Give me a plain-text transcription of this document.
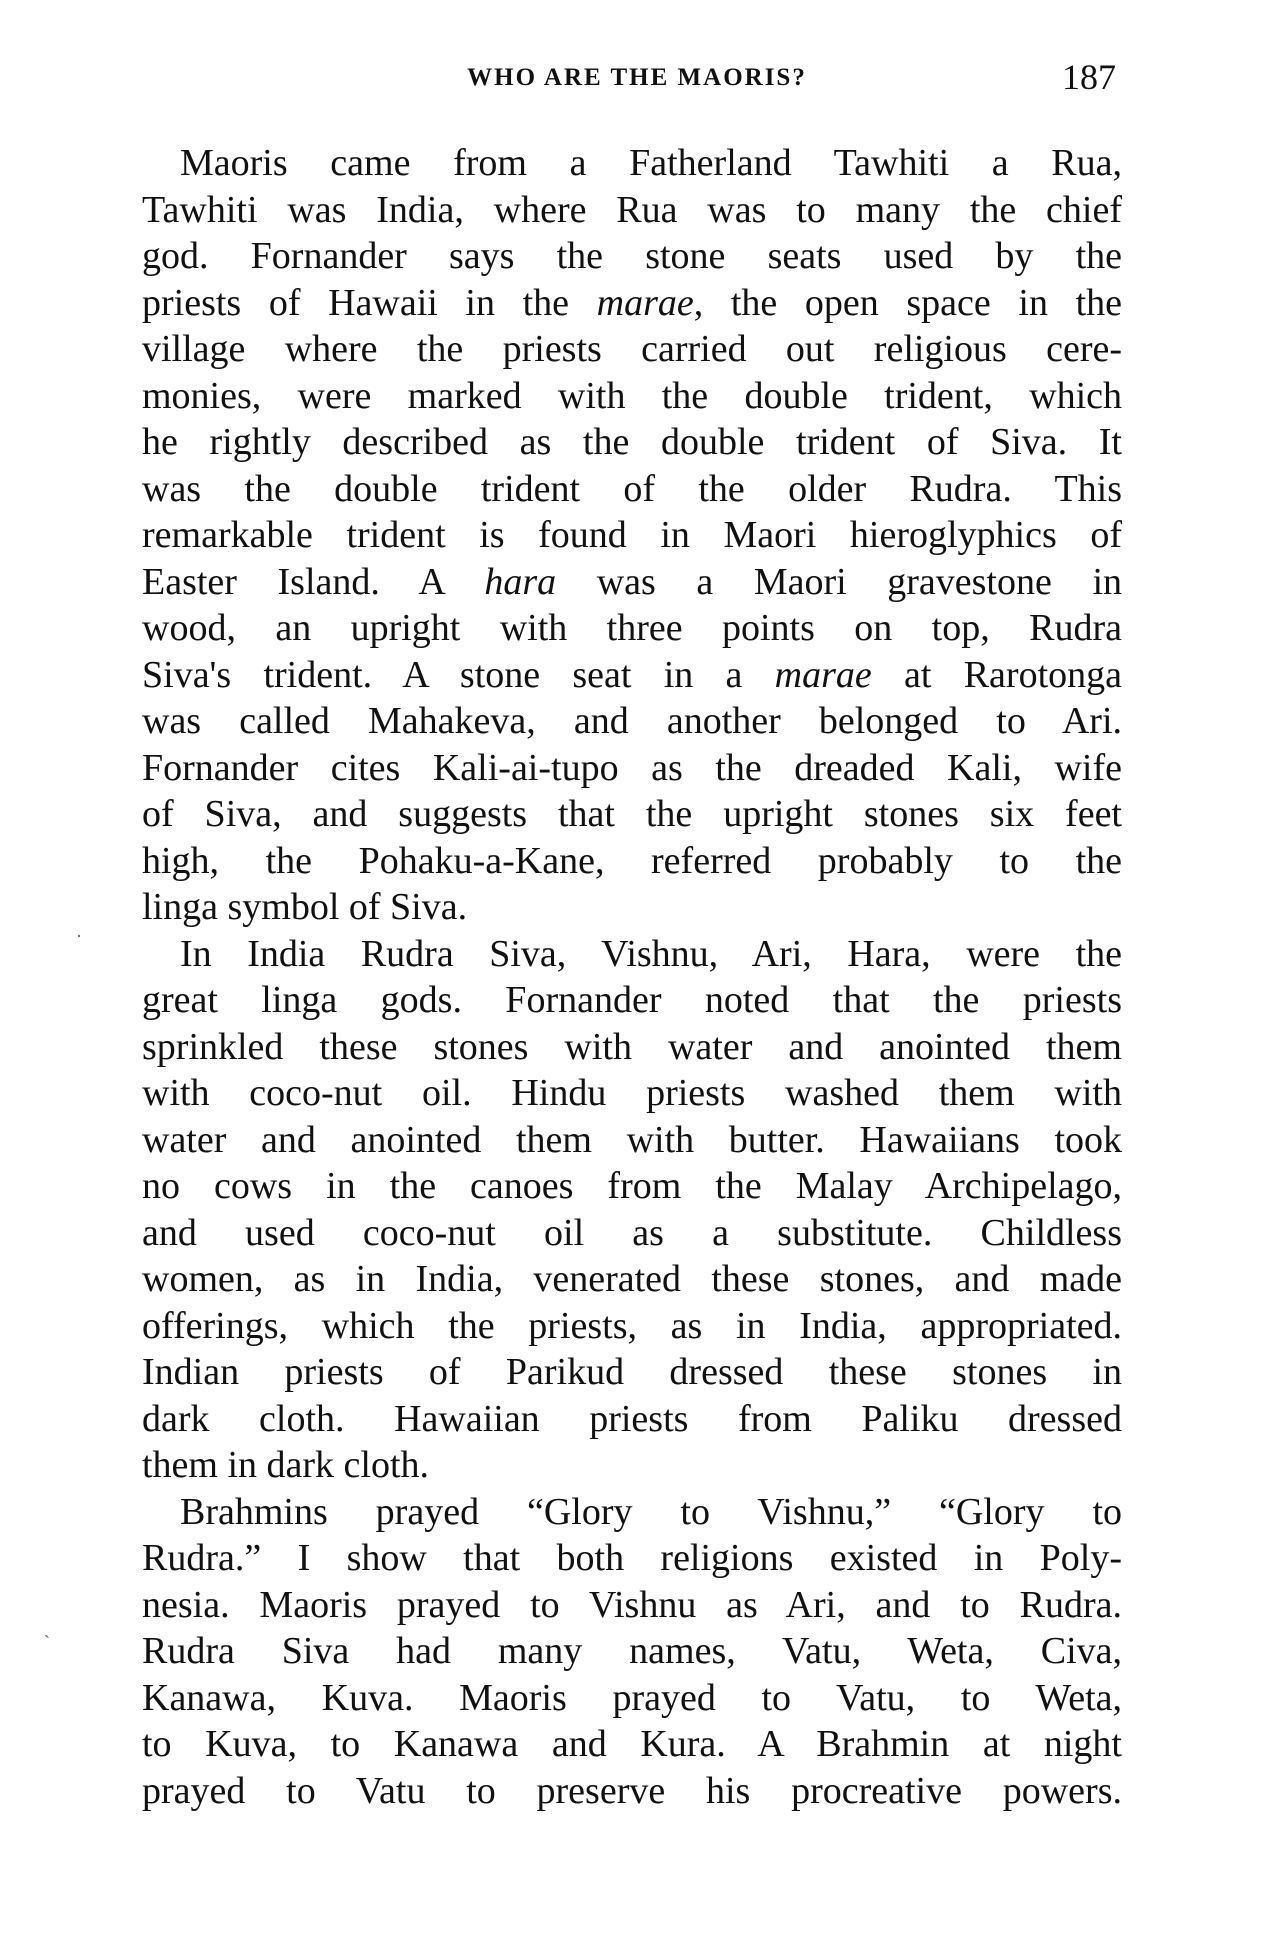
WHO ARE THE MAORIS?	187
Maoris came from a Fatherland Tawhiti a Rua,
Tawhiti was India, where Rua was to many the chief
god. Fornander says the stone seats used by the
priests of Hawaii in the marae, the open space in the
village where the priests carried out religious cere-
monies, were marked with the double trident, which
he rightly described as the double trident of Siva. It
was the double trident of the older Rudra. This
remarkable trident is found in Maori hieroglyphics of
Easter Island. A hara was a Maori gravestone in
wood, an upright with three points on top, Rudra
Siva's trident. A stone seat in a marae at Rarotonga
was called Mahakeva, and another belonged to Ari.
Fornander cites Kali-ai-tupo as the dreaded Kali, wife
of Siva, and suggests that the upright stones six feet
high, the Pohaku-a-Kane, referred probably to the
linga symbol of Siva.
In India Rudra Siva, Vishnu, Ari, Hara, were the
great linga gods. Fornander noted that the priests
sprinkled these stones with water and anointed them
with coco-nut oil. Hindu priests washed them with
water and anointed them with butter. Hawaiians took
no cows in the canoes from the Malay Archipelago,
and used coco-nut oil as a substitute. Childless
women, as in India, venerated these stones, and made
offerings, which the priests, as in India, appropriated.
Indian priests of Parikud dressed these stones in
dark cloth. Hawaiian priests from Paliku dressed
them in dark cloth.
Brahmins prayed “Glory to Vishnu,” “Glory to
Rudra.” I show that both religions existed in Poly-
nesia. Maoris prayed to Vishnu as Ari, and to Rudra.
Rudra Siva had many names, Vatu, Weta, Civa,
Kanawa, Kuva. Maoris prayed to Vatu, to Weta,
to Kuva, to Kanawa and Kura. A Brahmin at night
prayed to Vatu to preserve his procreative powers.
·
ˎ
